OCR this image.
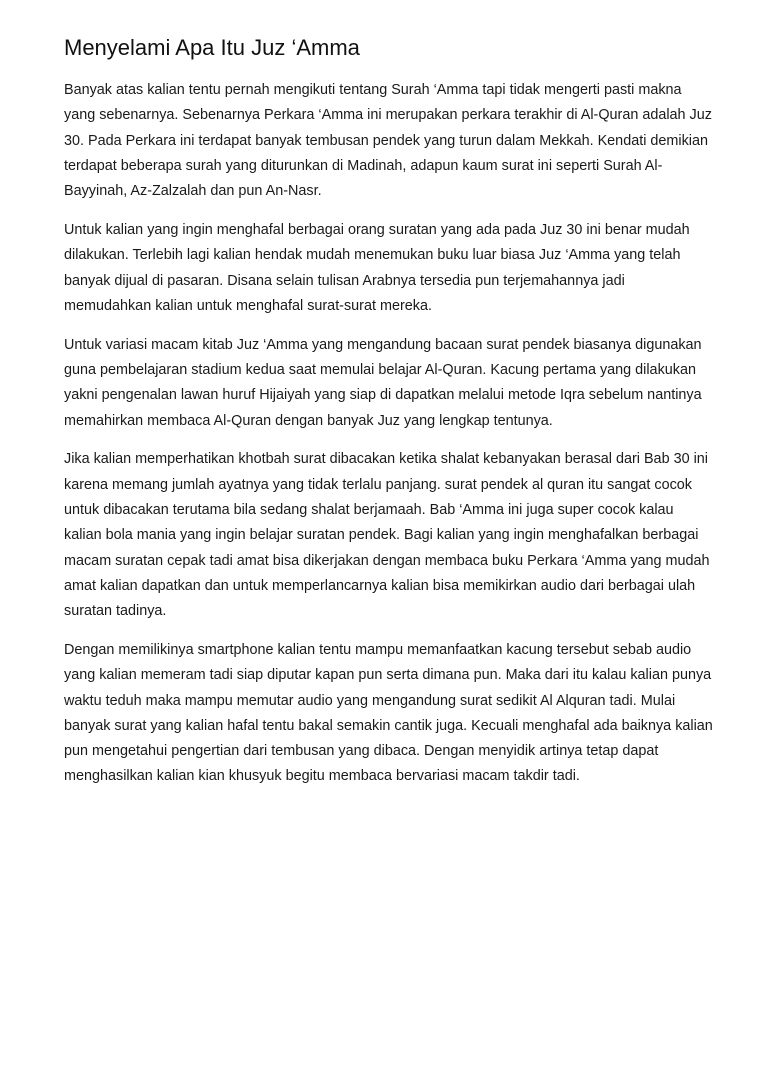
Menyelami Apa Itu Juz ‘Amma

Banyak atas kalian tentu pernah mengikuti tentang Surah ‘Amma tapi tidak mengerti pasti makna yang sebenarnya. Sebenarnya Perkara ‘Amma ini merupakan perkara terakhir di Al-Quran adalah Juz 30. Pada Perkara ini terdapat banyak tembusan pendek yang turun dalam Mekkah. Kendati demikian terdapat beberapa surah yang diturunkan di Madinah, adapun kaum surat ini seperti Surah Al-Bayyinah, Az-Zalzalah dan pun An-Nasr.

Untuk kalian yang ingin menghafal berbagai orang suratan yang ada pada Juz 30 ini benar mudah dilakukan. Terlebih lagi kalian hendak mudah menemukan buku luar biasa Juz ‘Amma yang telah banyak dijual di pasaran. Disana selain tulisan Arabnya tersedia pun terjemahannya jadi memudahkan kalian untuk menghafal surat-surat mereka.

Untuk variasi macam kitab Juz ‘Amma yang mengandung bacaan surat pendek biasanya digunakan guna pembelajaran stadium kedua saat memulai belajar Al-Quran. Kacung pertama yang dilakukan yakni pengenalan lawan huruf Hijaiyah yang siap di dapatkan melalui metode Iqra sebelum nantinya memahirkan membaca Al-Quran dengan banyak Juz yang lengkap tentunya.

Jika kalian memperhatikan khotbah surat dibacakan ketika shalat kebanyakan berasal dari Bab 30 ini karena memang jumlah ayatnya yang tidak terlalu panjang. surat pendek al quran itu sangat cocok untuk dibacakan terutama bila sedang shalat berjamaah. Bab ‘Amma ini juga super cocok kalau kalian bola mania yang ingin belajar suratan pendek. Bagi kalian yang ingin menghafalkan berbagai macam suratan cepak tadi amat bisa dikerjakan dengan membaca buku Perkara ‘Amma yang mudah amat kalian dapatkan dan untuk memperlancarnya kalian bisa memikirkan audio dari berbagai ulah suratan tadinya.

Dengan memilikinya smartphone kalian tentu mampu memanfaatkan kacung tersebut sebab audio yang kalian memeram tadi siap diputar kapan pun serta dimana pun. Maka dari itu kalau kalian punya waktu teduh maka mampu memutar audio yang mengandung surat sedikit Al Alquran tadi. Mulai banyak surat yang kalian hafal tentu bakal semakin cantik juga. Kecuali menghafal ada baiknya kalian pun mengetahui pengertian dari tembusan yang dibaca. Dengan menyidik artinya tetap dapat menghasilkan kalian kian khusyuk begitu membaca bervariasi macam takdir tadi.
